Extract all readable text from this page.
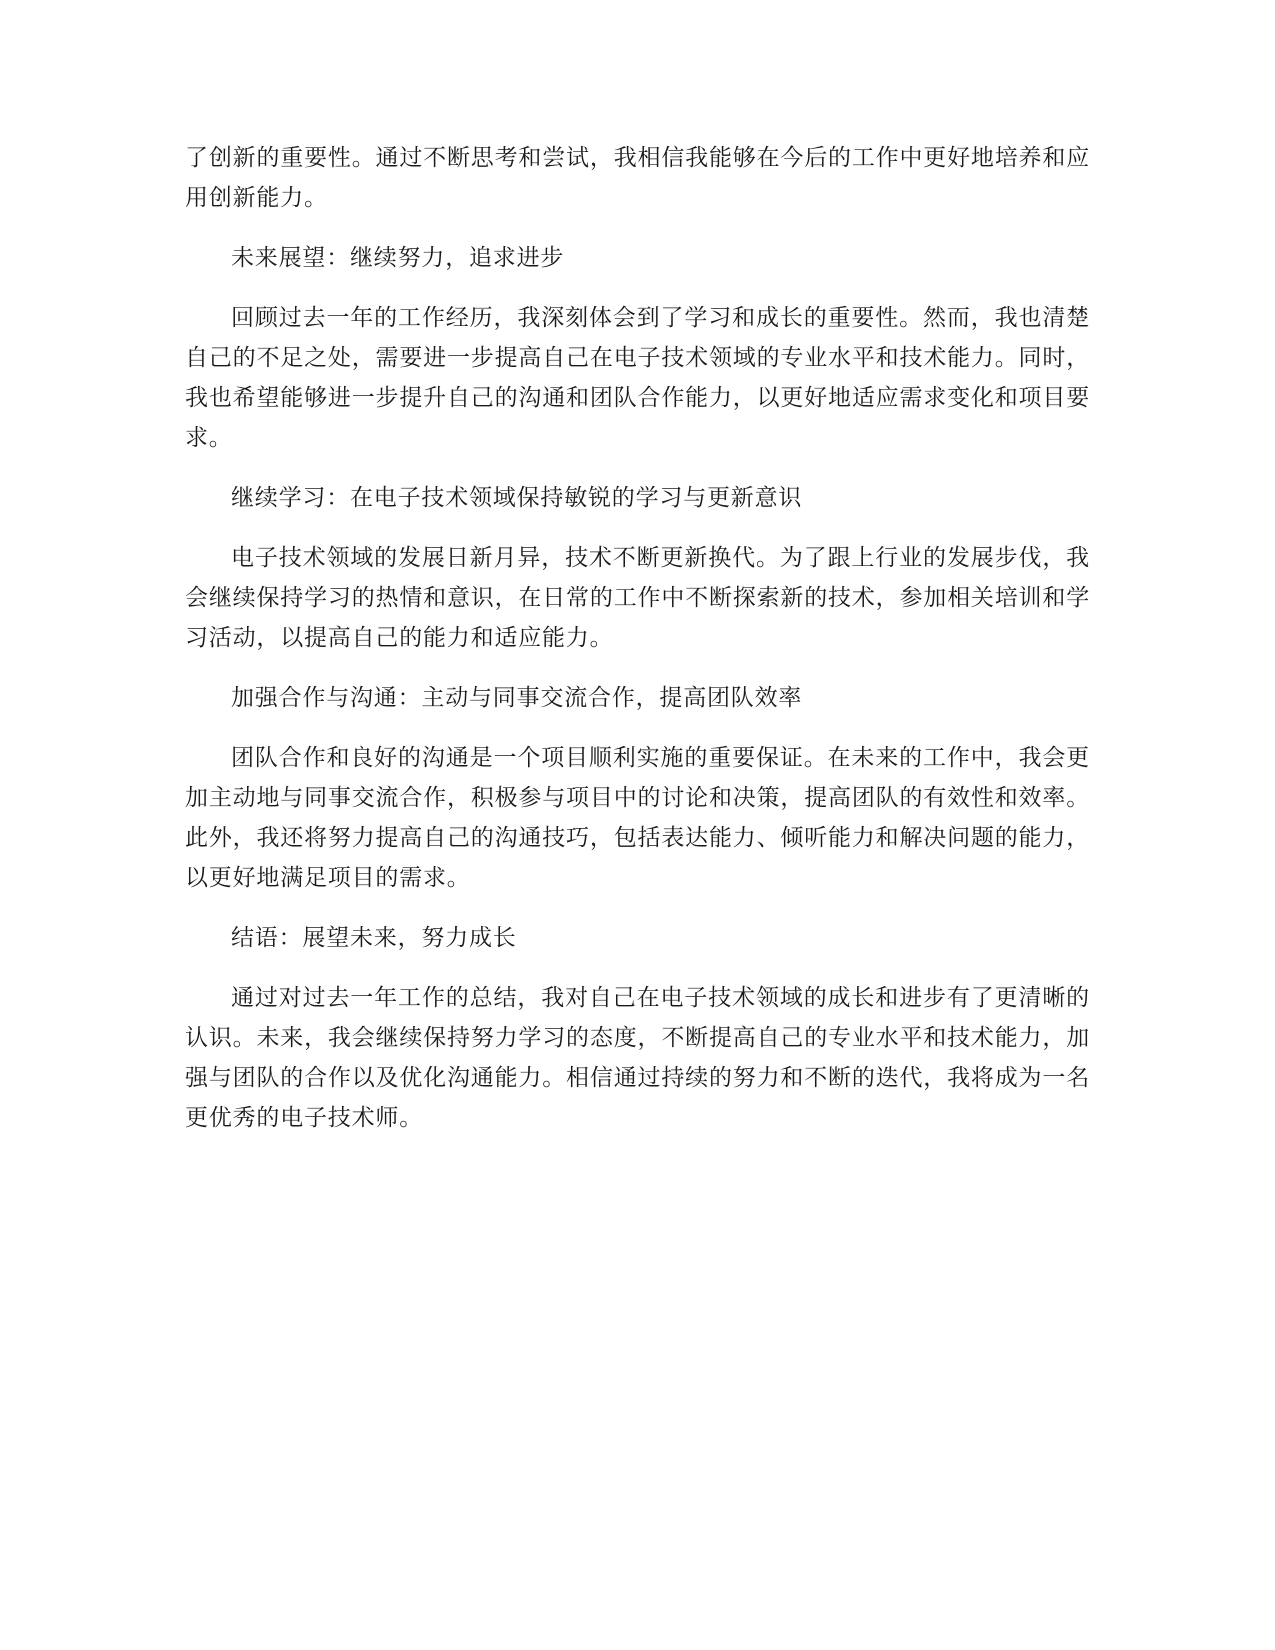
了创新的重要性。通过不断思考和尝试，我相信我能够在今后的工作中更好地培养和应用创新能力。

未来展望：继续努力，追求进步

回顾过去一年的工作经历，我深刻体会到了学习和成长的重要性。然而，我也清楚自己的不足之处，需要进一步提高自己在电子技术领域的专业水平和技术能力。同时，我也希望能够进一步提升自己的沟通和团队合作能力，以更好地适应需求变化和项目要求。

继续学习：在电子技术领域保持敏锐的学习与更新意识

电子技术领域的发展日新月异，技术不断更新换代。为了跟上行业的发展步伐，我会继续保持学习的热情和意识，在日常的工作中不断探索新的技术，参加相关培训和学习活动，以提高自己的能力和适应能力。

加强合作与沟通：主动与同事交流合作，提高团队效率

团队合作和良好的沟通是一个项目顺利实施的重要保证。在未来的工作中，我会更加主动地与同事交流合作，积极参与项目中的讨论和决策，提高团队的有效性和效率。此外，我还将努力提高自己的沟通技巧，包括表达能力、倾听能力和解决问题的能力，以更好地满足项目的需求。

结语：展望未来，努力成长

通过对过去一年工作的总结，我对自己在电子技术领域的成长和进步有了更清晰的认识。未来，我会继续保持努力学习的态度，不断提高自己的专业水平和技术能力，加强与团队的合作以及优化沟通能力。相信通过持续的努力和不断的迭代，我将成为一名更优秀的电子技术师。
